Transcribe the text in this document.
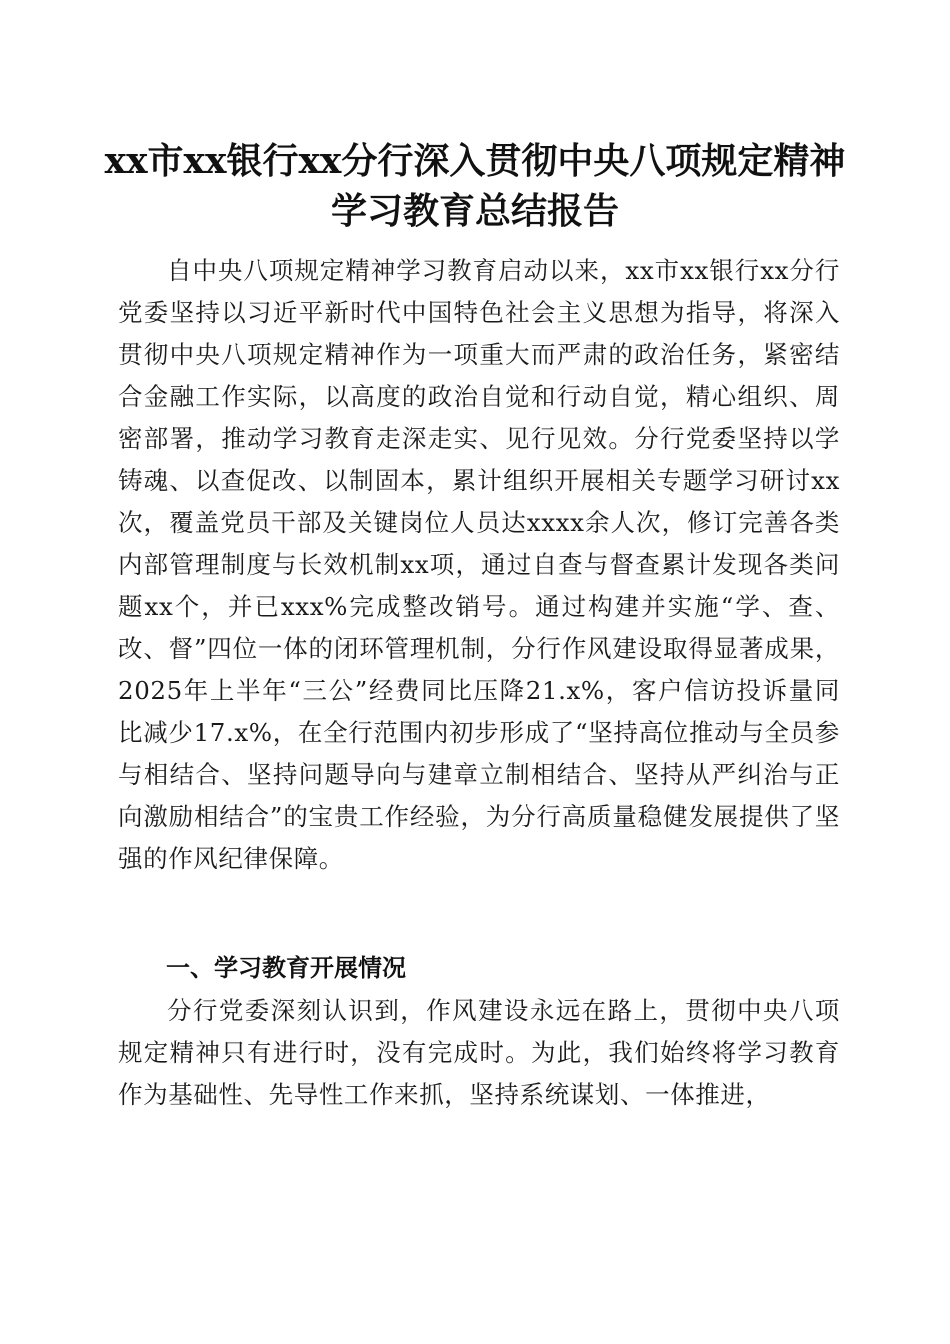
xx市xx银行xx分行深入贯彻中央八项规定精神学习教育总结报告

自中央八项规定精神学习教育启动以来，xx市xx银行xx分行党委坚持以习近平新时代中国特色社会主义思想为指导，将深入贯彻中央八项规定精神作为一项重大而严肃的政治任务，紧密结合金融工作实际，以高度的政治自觉和行动自觉，精心组织、周密部署，推动学习教育走深走实、见行见效。分行党委坚持以学铸魂、以查促改、以制固本，累计组织开展相关专题学习研讨xx次，覆盖党员干部及关键岗位人员达xxxx余人次，修订完善各类内部管理制度与长效机制xx项，通过自查与督查累计发现各类问题xx个，并已xxx%完成整改销号。通过构建并实施“学、查、改、督”四位一体的闭环管理机制，分行作风建设取得显著成果，2025年上半年“三公”经费同比压降21.x%，客户信访投诉量同比减少17.x%，在全行范围内初步形成了“坚持高位推动与全员参与相结合、坚持问题导向与建章立制相结合、坚持从严纠治与正向激励相结合”的宝贵工作经验，为分行高质量稳健发展提供了坚强的作风纪律保障。

一、学习教育开展情况

分行党委深刻认识到，作风建设永远在路上，贯彻中央八项规定精神只有进行时，没有完成时。为此，我们始终将学习教育作为基础性、先导性工作来抓，坚持系统谋划、一体推进，
